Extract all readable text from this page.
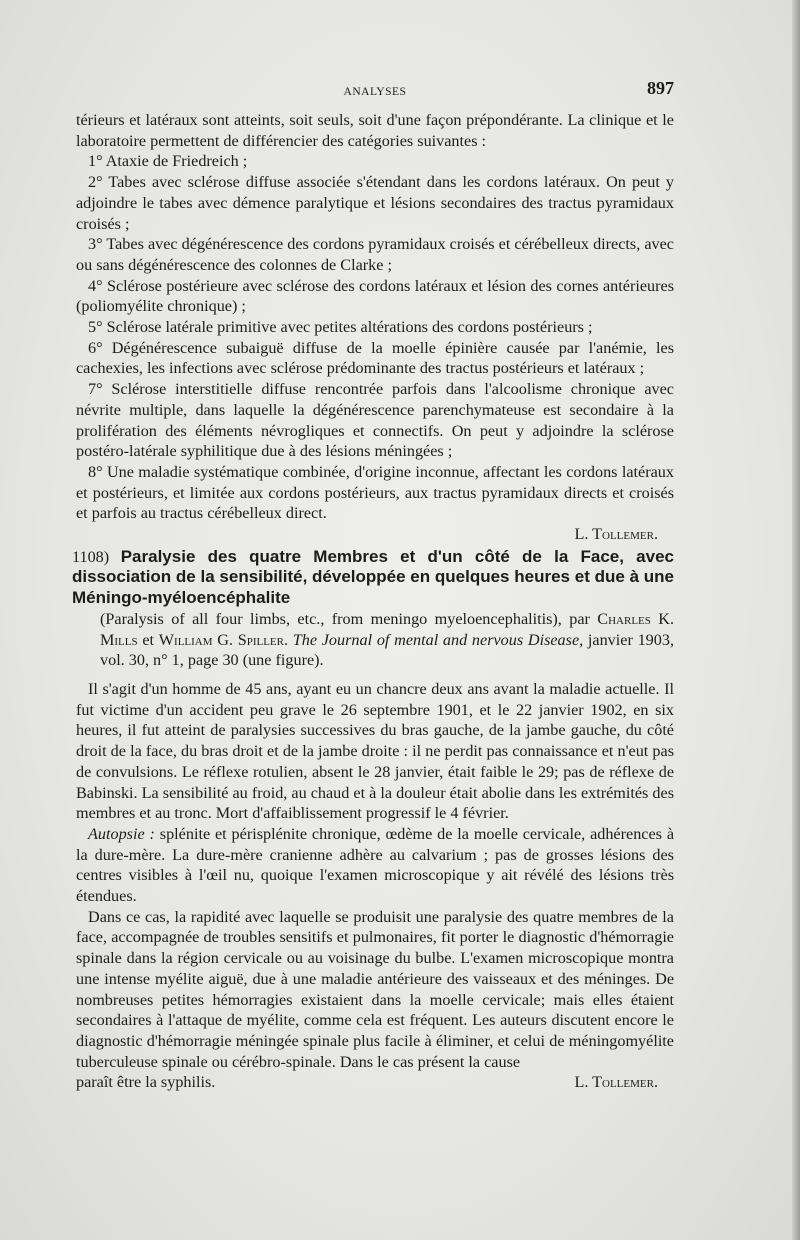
ANALYSES	897

térieurs et latéraux sont atteints, soit seuls, soit d'une façon prépondérante. La clinique et le laboratoire permettent de différencier des catégories suivantes :

1° Ataxie de Friedreich ;

2° Tabes avec sclérose diffuse associée s'étendant dans les cordons latéraux. On peut y adjoindre le tabes avec démence paralytique et lésions secondaires des tractus pyramidaux croisés ;

3° Tabes avec dégénérescence des cordons pyramidaux croisés et cérébelleux directs, avec ou sans dégénérescence des colonnes de Clarke ;

4° Sclérose postérieure avec sclérose des cordons latéraux et lésion des cornes antérieures (poliomyélite chronique) ;

5° Sclérose latérale primitive avec petites altérations des cordons postérieurs ;

6° Dégénérescence subaiguë diffuse de la moelle épinière causée par l'anémie, les cachexies, les infections avec sclérose prédominante des tractus postérieurs et latéraux ;

7° Sclérose interstitielle diffuse rencontrée parfois dans l'alcoolisme chronique avec névrite multiple, dans laquelle la dégénérescence parenchymateuse est secondaire à la prolifération des éléments névrogliques et connectifs. On peut y adjoindre la sclérose postéro-latérale syphilitique due à des lésions méningées ;

8° Une maladie systématique combinée, d'origine inconnue, affectant les cordons latéraux et postérieurs, et limitée aux cordons postérieurs, aux tractus pyramidaux directs et croisés et parfois au tractus cérébelleux direct.

L. Tollemer.

1108) Paralysie des quatre Membres et d'un côté de la Face, avec dissociation de la sensibilité, développée en quelques heures et due à une Méningo-myéloencéphalite

(Paralysis of all four limbs, etc., from meningo myeloencephalitis), par Charles K. Mills et William G. Spiller. The Journal of mental and nervous Disease, janvier 1903, vol. 30, n° 1, page 30 (une figure).

Il s'agit d'un homme de 45 ans, ayant eu un chancre deux ans avant la maladie actuelle. Il fut victime d'un accident peu grave le 26 septembre 1901, et le 22 janvier 1902, en six heures, il fut atteint de paralysies successives du bras gauche, de la jambe gauche, du côté droit de la face, du bras droit et de la jambe droite : il ne perdit pas connaissance et n'eut pas de convulsions. Le réflexe rotulien, absent le 28 janvier, était faible le 29; pas de réflexe de Babinski. La sensibilité au froid, au chaud et à la douleur était abolie dans les extrémités des membres et au tronc. Mort d'affaiblissement progressif le 4 février.

Autopsie : splénite et périsplénite chronique, œdème de la moelle cervicale, adhérences à la dure-mère. La dure-mère cranienne adhère au calvarium ; pas de grosses lésions des centres visibles à l'œil nu, quoique l'examen microscopique y ait révélé des lésions très étendues.

Dans ce cas, la rapidité avec laquelle se produisit une paralysie des quatre membres de la face, accompagnée de troubles sensitifs et pulmonaires, fit porter le diagnostic d'hémorragie spinale dans la région cervicale ou au voisinage du bulbe. L'examen microscopique montra une intense myélite aiguë, due à une maladie antérieure des vaisseaux et des méninges. De nombreuses petites hémorragies existaient dans la moelle cervicale; mais elles étaient secondaires à l'attaque de myélite, comme cela est fréquent. Les auteurs discutent encore le diagnostic d'hémorragie méningée spinale plus facile à éliminer, et celui de méningomyélite tuberculeuse spinale ou cérébro-spinale. Dans le cas présent la cause

paraît être la syphilis.	L. Tollemer.
